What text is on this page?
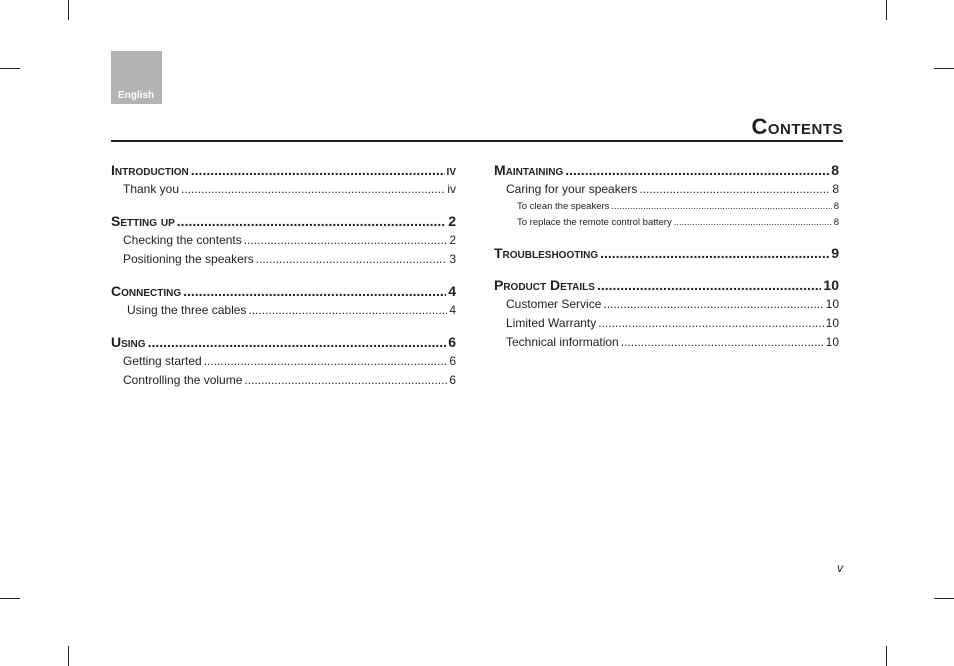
English
Contents
Introduction .....	iv
Thank you .....	iv
Setting up .....	2
Checking the contents .....	2
Positioning the speakers .....	3
Connecting .....	4
Using the three cables .....	4
Using .....	6
Getting started .....	6
Controlling the volume .....	6
Maintaining .....	8
Caring for your speakers .....	8
To clean the speakers .....	8
To replace the remote control battery .....	8
Troubleshooting .....	9
Product Details .....	10
Customer Service .....	10
Limited Warranty .....	10
Technical information .....	10
v
